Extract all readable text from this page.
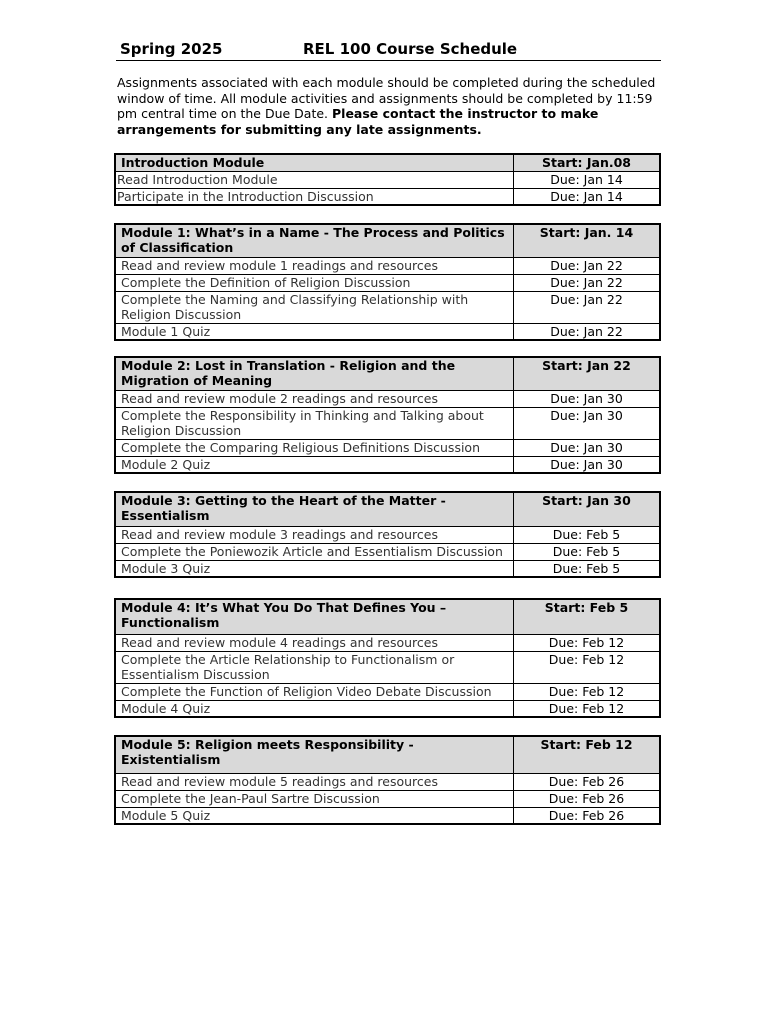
Spring 2025	REL 100 Course Schedule
Assignments associated with each module should be completed during the scheduled window of time. All module activities and assignments should be completed by 11:59 pm central time on the Due Date. Please contact the instructor to make arrangements for submitting any late assignments.
Introduction Module	Start: Jan.08
Read Introduction Module	Due: Jan 14
Participate in the Introduction Discussion	Due: Jan 14
Module 1: What’s in a Name - The Process and Politics of Classification	Start: Jan. 14
Read and review module 1 readings and resources	Due: Jan 22
Complete the Definition of Religion Discussion	Due: Jan 22
Complete the Naming and Classifying Relationship with Religion Discussion	Due: Jan 22
Module 1 Quiz	Due: Jan 22
Module 2: Lost in Translation - Religion and the Migration of Meaning	Start: Jan 22
Read and review module 2 readings and resources	Due: Jan 30
Complete the Responsibility in Thinking and Talking about Religion Discussion	Due: Jan 30
Complete the Comparing Religious Definitions Discussion	Due: Jan 30
Module 2 Quiz	Due: Jan 30
Module 3: Getting to the Heart of the Matter - Essentialism	Start: Jan 30
Read and review module 3 readings and resources	Due: Feb 5
Complete the Poniewozik Article and Essentialism Discussion	Due: Feb 5
Module 3 Quiz	Due: Feb 5
Module 4: It’s What You Do That Defines You – Functionalism	Start: Feb 5
Read and review module 4 readings and resources	Due: Feb 12
Complete the Article Relationship to Functionalism or Essentialism Discussion	Due: Feb 12
Complete the Function of Religion Video Debate Discussion	Due: Feb 12
Module 4 Quiz	Due: Feb 12
Module 5: Religion meets Responsibility - Existentialism	Start: Feb 12
Read and review module 5 readings and resources	Due: Feb 26
Complete the Jean-Paul Sartre Discussion	Due: Feb 26
Module 5 Quiz	Due: Feb 26
